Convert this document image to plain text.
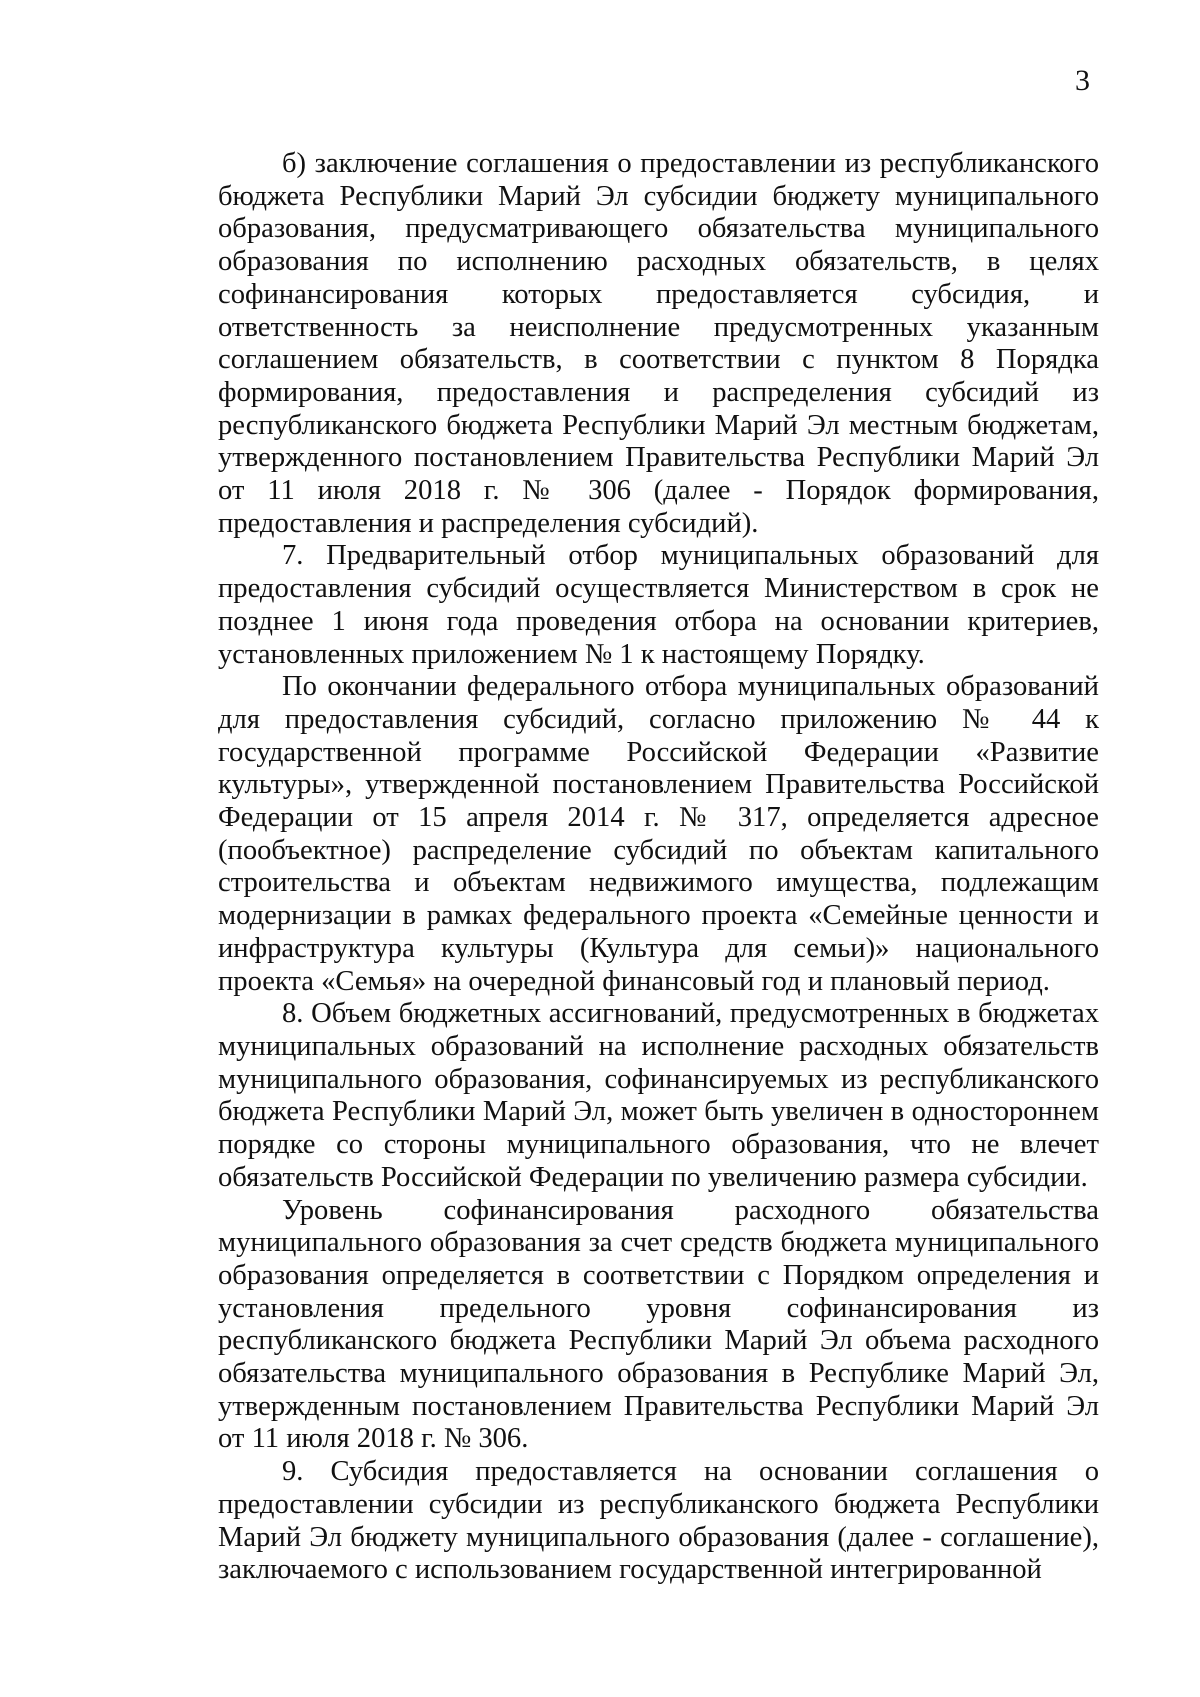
3

б) заключение соглашения о предоставлении из республиканского бюджета Республики Марий Эл субсидии бюджету муниципального образования, предусматривающего обязательства муниципального образования по исполнению расходных обязательств, в целях софинансирования которых предоставляется субсидия, и ответственность за неисполнение предусмотренных указанным соглашением обязательств, в соответствии с пунктом 8 Порядка формирования, предоставления и распределения субсидий из республиканского бюджета Республики Марий Эл местным бюджетам, утвержденного постановлением Правительства Республики Марий Эл от 11 июля 2018 г. № 306 (далее - Порядок формирования, предоставления и распределения субсидий).

7. Предварительный отбор муниципальных образований для предоставления субсидий осуществляется Министерством в срок не позднее 1 июня года проведения отбора на основании критериев, установленных приложением № 1 к настоящему Порядку.

По окончании федерального отбора муниципальных образований для предоставления субсидий, согласно приложению № 44 к государственной программе Российской Федерации «Развитие культуры», утвержденной постановлением Правительства Российской Федерации от 15 апреля 2014 г. № 317, определяется адресное (пообъектное) распределение субсидий по объектам капитального строительства и объектам недвижимого имущества, подлежащим модернизации в рамках федерального проекта «Семейные ценности и инфраструктура культуры (Культура для семьи)» национального проекта «Семья» на очередной финансовый год и плановый период.

8. Объем бюджетных ассигнований, предусмотренных в бюджетах муниципальных образований на исполнение расходных обязательств муниципального образования, софинансируемых из республиканского бюджета Республики Марий Эл, может быть увеличен в одностороннем порядке со стороны муниципального образования, что не влечет обязательств Российской Федерации по увеличению размера субсидии.

Уровень софинансирования расходного обязательства муниципального образования за счет средств бюджета муниципального образования определяется в соответствии с Порядком определения и установления предельного уровня софинансирования из республиканского бюджета Республики Марий Эл объема расходного обязательства муниципального образования в Республике Марий Эл, утвержденным постановлением Правительства Республики Марий Эл от 11 июля 2018 г. № 306.

9. Субсидия предоставляется на основании соглашения о предоставлении субсидии из республиканского бюджета Республики Марий Эл бюджету муниципального образования (далее - соглашение), заключаемого с использованием государственной интегрированной
